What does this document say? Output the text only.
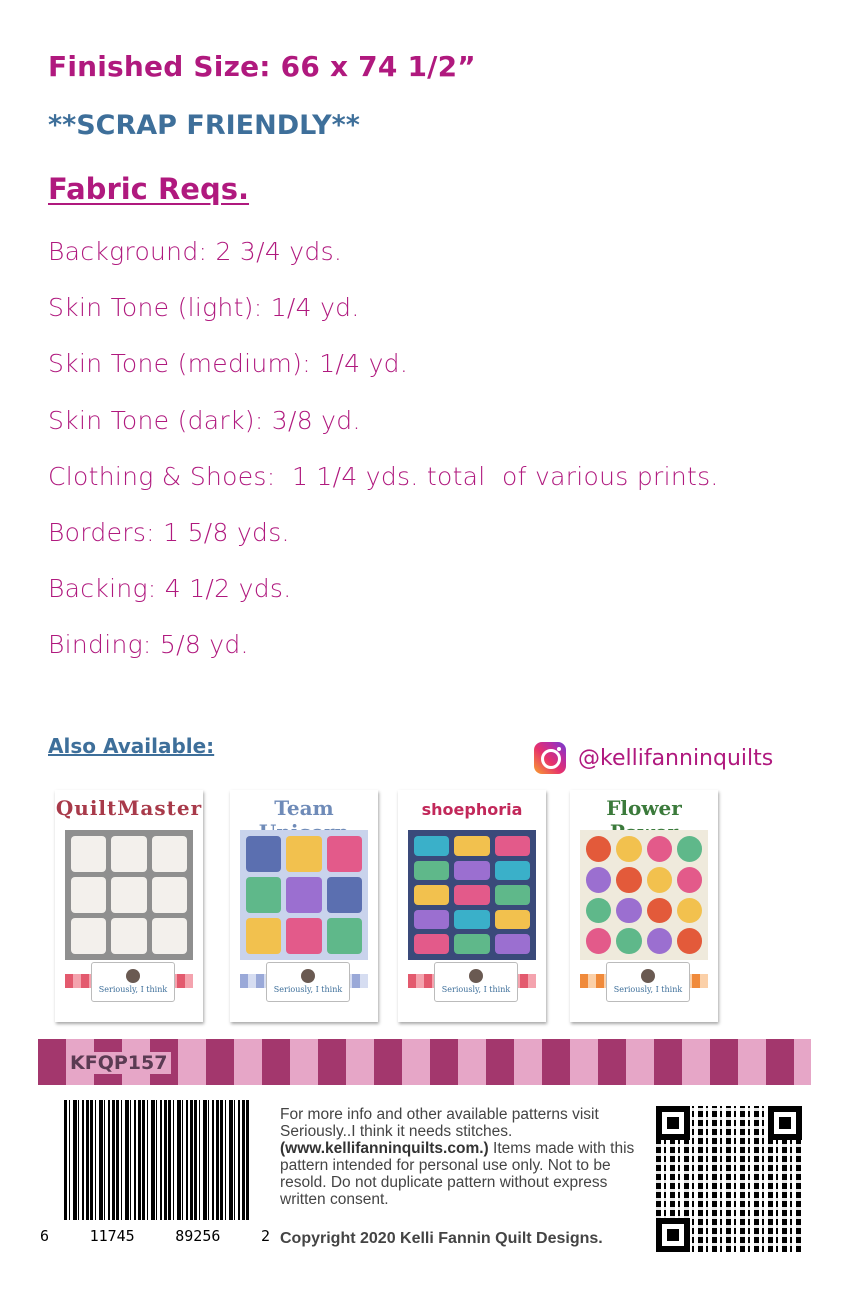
Finished Size: 66 x 74 1/2”
**SCRAP FRIENDLY**
Fabric Reqs.
Background: 2 3/4 yds.
Skin Tone (light): 1/4 yd.
Skin Tone (medium): 1/4 yd.
Skin Tone (dark): 3/8 yd.
Clothing & Shoes:  1 1/4 yds. total  of various prints.
Borders: 1 5/8 yds.
Backing: 4 1/2 yds.
Binding: 5/8 yd.
Also Available:	@kellifanninquilts
QuiltMaster
Seriously, I think
Team
Seriously, I think
shoephoria
Seriously, I think
Flower
Seriously, I think
KFQP157
6	11745	89256	2
For more info and other available patterns visit Seriously..I think it needs stitches. (www.kellifanninquilts.com.) Items made with this pattern intended for personal use only. Not to be resold. Do not duplicate pattern without express written consent.
Copyright 2020 Kelli Fannin Quilt Designs.
